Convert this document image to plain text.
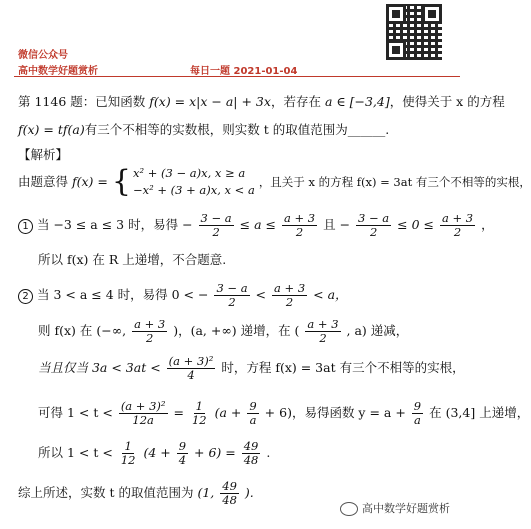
微信公众号
高中数学好题赏析	每日一题 2021-01-04
第 1146 题：已知函数 f(x) = x|x − a| + 3x，若存在 a ∈ [−3,4]，使得关于 x 的方程
f(x) = tf(a)有三个不相等的实数根，则实数 t 的取值范围为______.
【解析】
由题意得 f(x) = { x² + (3 − a)x, x ≥ a
−x² + (3 + a)x, x < a
，且关于 x 的方程 f(x) = 3at 有三个不相等的实根，
1 当 −3 ≤ a ≤ 3 时，易得 − $\frac{3 - a}{2} \le a \le \frac{a + 3}{2}$ 且 − $\frac{3 - a}{2} \le 0 \le \frac{a + 3}{2}$ ，
所以 f(x) 在 R 上递增，不合题意.
2 当 3 < a ≤ 4 时，易得 0 < − $\frac{3 - a}{2} < \frac{a + 3}{2} < a$，
则 f(x) 在 (−∞, $\frac{a + 3}{2}$ )，(a, +∞) 递增，在 ( $\frac{a + 3}{2}$ , a) 递减，
当且仅当 $3a < 3at < \frac{\text{(a + 3)²}}{4}$ 时，方程 f(x) = 3at 有三个不相等的实根，
可得 $1 < t < \frac{\text{(a + 3)²}}{12a} = \frac{1}{12} (a + \frac{9}{a} + 6)$，易得函数 $y = a + \frac{9}{a}$ 在 (3,4] 上递增，
所以 $1 < t < \frac{1}{12} (4 + \frac{9}{4} + 6) = \frac{49}{48}$ .
综上所述，实数 t 的取值范围为 (1, $\frac{49}{48}$ ).
高中数学好题赏析
